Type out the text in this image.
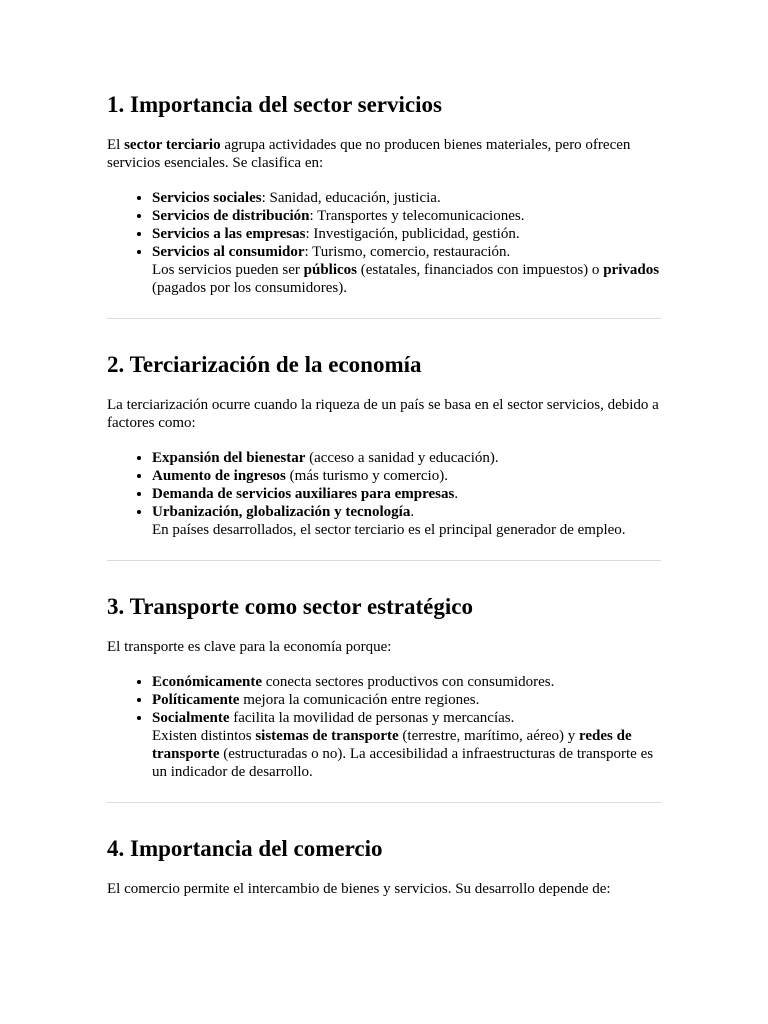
1. Importancia del sector servicios

El sector terciario agrupa actividades que no producen bienes materiales, pero ofrecen servicios esenciales. Se clasifica en:

• Servicios sociales: Sanidad, educación, justicia.
• Servicios de distribución: Transportes y telecomunicaciones.
• Servicios a las empresas: Investigación, publicidad, gestión.
• Servicios al consumidor: Turismo, comercio, restauración.
Los servicios pueden ser públicos (estatales, financiados con impuestos) o privados (pagados por los consumidores).
2. Terciarización de la economía

La terciarización ocurre cuando la riqueza de un país se basa en el sector servicios, debido a factores como:

• Expansión del bienestar (acceso a sanidad y educación).
• Aumento de ingresos (más turismo y comercio).
• Demanda de servicios auxiliares para empresas.
• Urbanización, globalización y tecnología.
En países desarrollados, el sector terciario es el principal generador de empleo.
3. Transporte como sector estratégico

El transporte es clave para la economía porque:

• Económicamente conecta sectores productivos con consumidores.
• Políticamente mejora la comunicación entre regiones.
• Socialmente facilita la movilidad de personas y mercancías.
Existen distintos sistemas de transporte (terrestre, marítimo, aéreo) y redes de transporte (estructuradas o no). La accesibilidad a infraestructuras de transporte es un indicador de desarrollo.
4. Importancia del comercio

El comercio permite el intercambio de bienes y servicios. Su desarrollo depende de:
